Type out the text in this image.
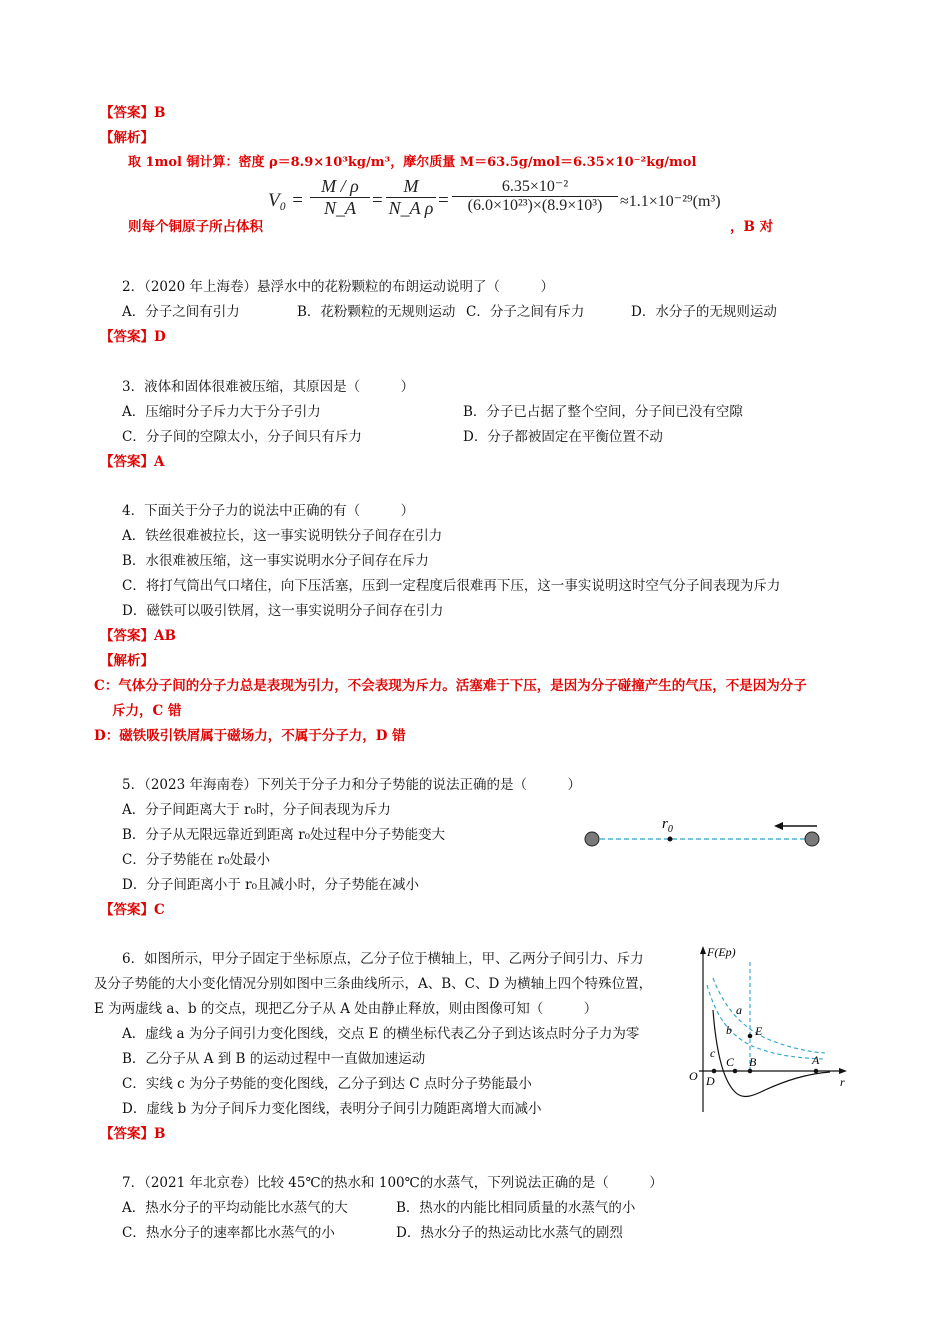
【答案】B
【解析】
取 1mol 铜计算：密度 ρ＝8.9×10³kg/m³，摩尔质量 M＝63.5g/mol＝6.35×10⁻²kg/mol
$V_0 = \frac{M / \rho}{N\_A} = \frac{M}{\text{N\_A ρ}} = \frac{\text{6.35×10⁻²}}{\text{(6.0×10²³)×(8.9×10³)}} \approx 1.1\times 10^{-29}(m^3)$
则每个铜原子所占体积	，B 对
2．（2020 年上海卷）悬浮水中的花粉颗粒的布朗运动说明了（　　　）
A．分子之间有引力	B．花粉颗粒的无规则运动 C．分子之间有斥力	D．水分子的无规则运动
【答案】D
3．液体和固体很难被压缩，其原因是（　　　）
A．压缩时分子斥力大于分子引力	B．分子已占据了整个空间，分子间已没有空隙
C．分子间的空隙太小，分子间只有斥力	D．分子都被固定在平衡位置不动
【答案】A
4．下面关于分子力的说法中正确的有（　　　）
A．铁丝很难被拉长，这一事实说明铁分子间存在引力
B．水很难被压缩，这一事实说明水分子间存在斥力
C．将打气筒出气口堵住，向下压活塞，压到一定程度后很难再下压，这一事实说明这时空气分子间表现为斥力
D．磁铁可以吸引铁屑，这一事实说明分子间存在引力
【答案】AB
【解析】
C：气体分子间的分子力总是表现为引力，不会表现为斥力。活塞难于下压，是因为分子碰撞产生的气压，不是因为分子
斥力，C 错
D：磁铁吸引铁屑属于磁场力，不属于分子力，D 错
5．（2023 年海南卷）下列关于分子力和分子势能的说法正确的是（　　　）
A．分子间距离大于 r₀时，分子间表现为斥力
B．分子从无限远靠近到距离 r₀处过程中分子势能变大
C．分子势能在 r₀处最小
D．分子间距离小于 r₀且减小时，分子势能在减小
【答案】C
$r_0$
6．如图所示，甲分子固定于坐标原点，乙分子位于横轴上，甲、乙两分子间引力、斥力
及分子势能的大小变化情况分别如图中三条曲线所示，A、B、C、D 为横轴上四个特殊位置，
E 为两虚线 a、b 的交点，现把乙分子从 A 处由静止释放，则由图像可知（　　　）
A．虚线 a 为分子间引力变化图线，交点 E 的横坐标代表乙分子到达该点时分子力为零
B．乙分子从 A 到 B 的运动过程中一直做加速运动
C．实线 c 为分子势能的变化图线，乙分子到达 C 点时分子势能最小
D．虚线 b 为分子间斥力变化图线，表明分子间引力随距离增大而减小
【答案】B
F(Ep)
r
O
a
b
c
E
B
C
D
A
7．（2021 年北京卷）比较 45℃的热水和 100℃的水蒸气，下列说法正确的是（　　　）
A．热水分子的平均动能比水蒸气的大	B．热水的内能比相同质量的水蒸气的小
C．热水分子的速率都比水蒸气的小	D．热水分子的热运动比水蒸气的剧烈
